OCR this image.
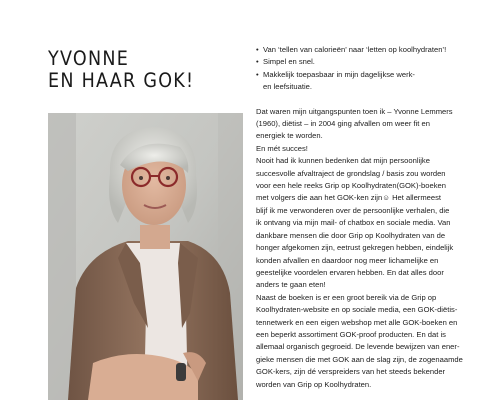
YVONNE
EN HAAR GOK!
• Van ‘tellen van calorieën’ naar ‘letten op koolhydraten’!
• Simpel en snel.
• Makkelijk toepasbaar in mijn dagelijkse werk-
en leefsituatie.
Dat waren mijn uitgangspunten toen ik – Yvonne Lemmers
(1960), diëtist – in 2004 ging afvallen om weer fit en
energiek te worden.
En mét succes!
Nooit had ik kunnen bedenken dat mijn persoonlijke
succesvolle afvaltraject de grondslag / basis zou worden
voor een hele reeks Grip op Koolhydraten(GOK)-boeken
met volgers die aan het GOK-ken zijn☺ Het allermeest
blijf ik me verwonderen over de persoonlijke verhalen, die
ik ontvang via mijn mail- of chatbox en sociale media. Van
dankbare mensen die door Grip op Koolhydraten van de
honger afgekomen zijn, eetrust gekregen hebben, eindelijk
konden afvallen en daardoor nog meer lichamelijke en
geestelijke voordelen ervaren hebben. En dat alles door
anders te gaan eten!
Naast de boeken is er een groot bereik via de Grip op
Koolhydraten-website en op sociale media, een GOK-diëtis-
tennetwerk en een eigen webshop met alle GOK-boeken en
een beperkt assortiment GOK-proof producten. En dat is
allemaal organisch gegroeid. De levende bewijzen van ener-
gieke mensen die met GOK aan de slag zijn, de zogenaamde
GOK-kers, zijn dé verspreiders van het steeds bekender
worden van Grip op Koolhydraten.
